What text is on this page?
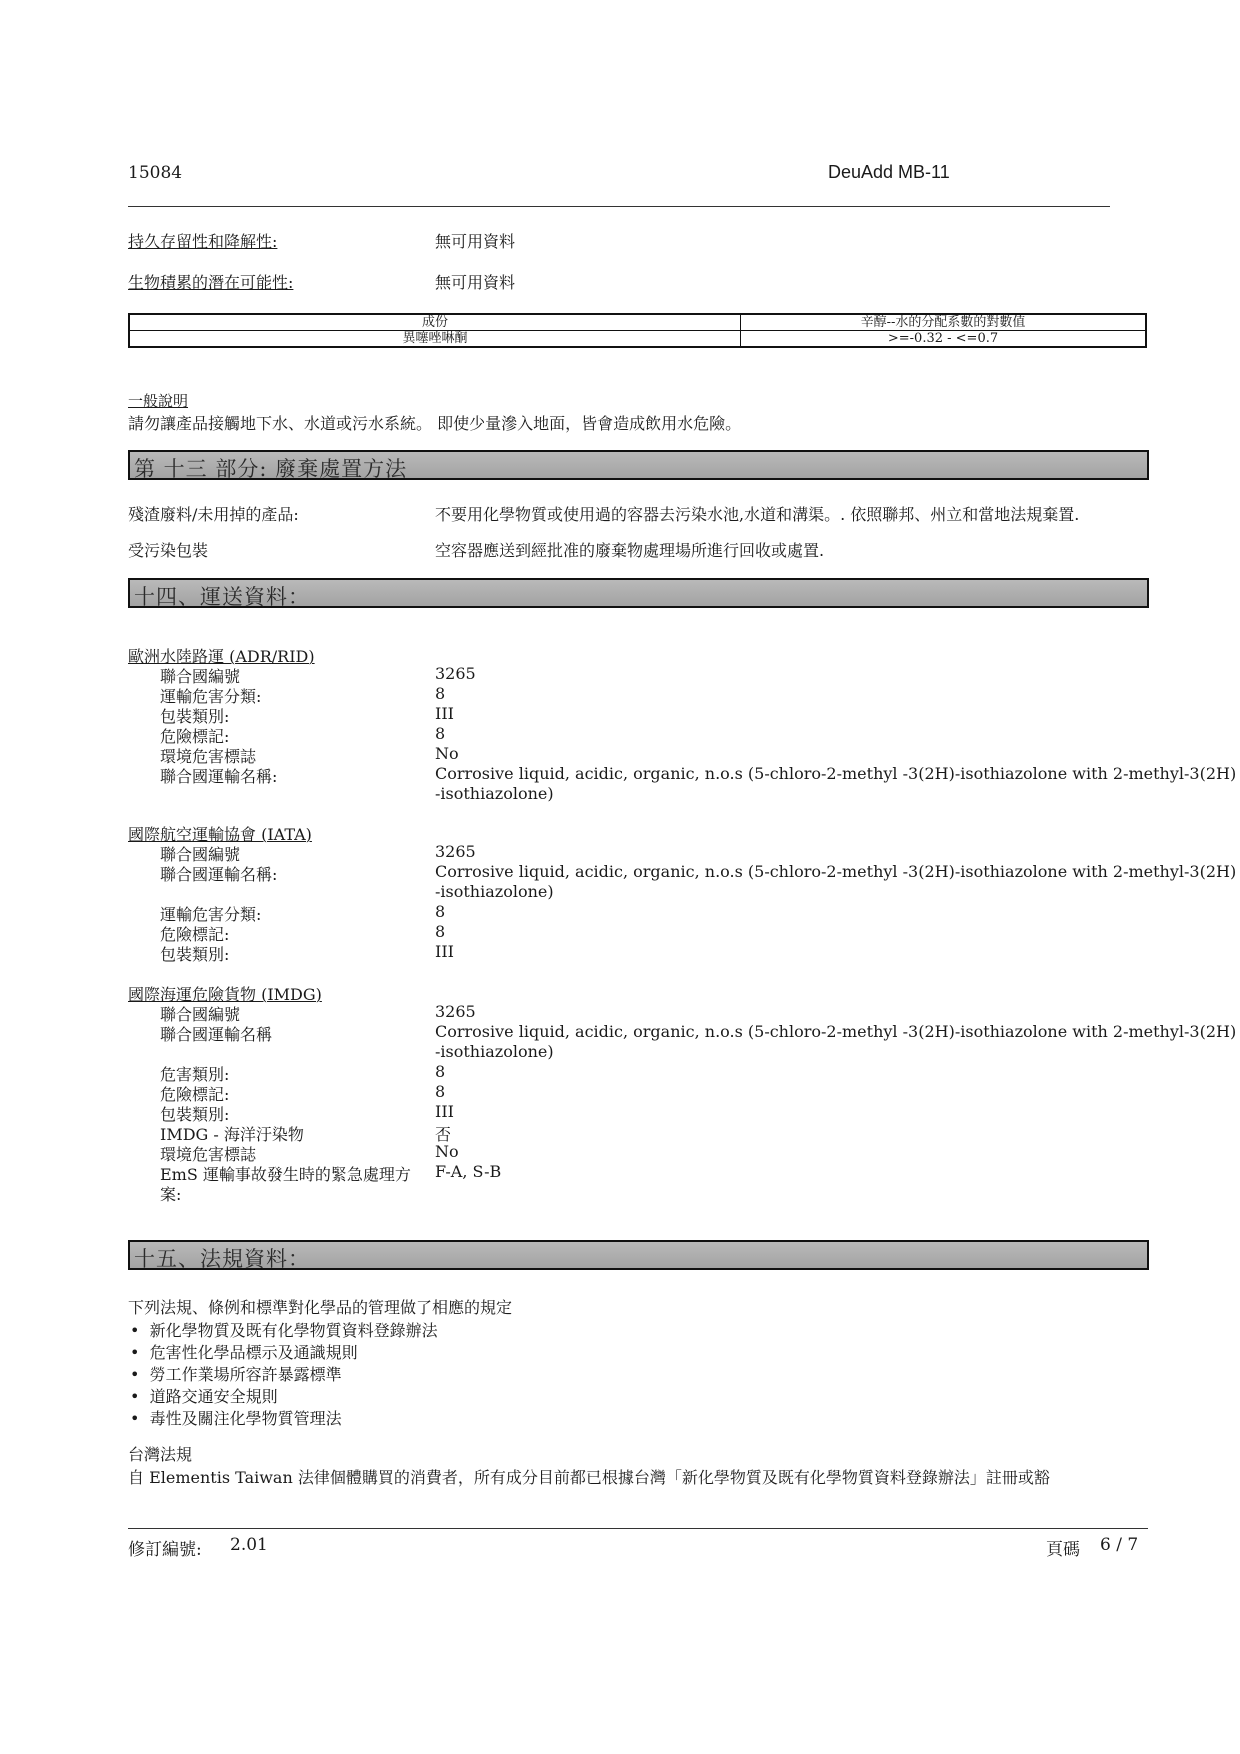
15084	DeuAdd MB-11
持久存留性和降解性:	無可用資料
生物積累的潛在可能性:	無可用資料
成份	辛醇--水的分配系數的對數值
異噻唑啉酮	>=-0.32 - <=0.7
一般說明
請勿讓產品接觸地下水、水道或污水系統。 即使少量滲入地面，皆會造成飲用水危險。
第 十三 部分: 廢棄處置方法
殘渣廢料/未用掉的產品:	不要用化學物質或使用過的容器去污染水池,水道和溝渠。. 依照聯邦、州立和當地法規棄置.
受污染包裝	空容器應送到經批准的廢棄物處理場所進行回收或處置.
十四、運送資料：
歐洲水陸路運 (ADR/RID)
聯合國編號	3265
運輸危害分類:	8
包裝類別:	III
危險標記:	8
環境危害標誌	No
聯合國運輸名稱:	Corrosive liquid, acidic, organic, n.o.s (5-chloro-2-methyl -3(2H)-isothiazolone with 2-methyl-3(2H)
-isothiazolone)
國際航空運輸協會 (IATA)
聯合國編號	3265
聯合國運輸名稱:	Corrosive liquid, acidic, organic, n.o.s (5-chloro-2-methyl -3(2H)-isothiazolone with 2-methyl-3(2H)
-isothiazolone)
運輸危害分類:	8
危險標記:	8
包裝類別:	III
國際海運危險貨物 (IMDG)
聯合國編號	3265
聯合國運輸名稱	Corrosive liquid, acidic, organic, n.o.s (5-chloro-2-methyl -3(2H)-isothiazolone with 2-methyl-3(2H)
-isothiazolone)
危害類別:	8
危險標記:	8
包裝類別:	III
IMDG - 海洋汙染物	否
環境危害標誌	No
EmS 運輸事故發生時的緊急處理方 F-A, S-B
案:
十五、法規資料：
下列法規、條例和標準對化學品的管理做了相應的規定
•  新化學物質及既有化學物質資料登錄辦法
•  危害性化學品標示及通識規則
•  勞工作業場所容許暴露標準
•  道路交通安全規則
•  毒性及關注化學物質管理法
台灣法規
自 Elementis Taiwan 法律個體購買的消費者，所有成分目前都已根據台灣「新化學物質及既有化學物質資料登錄辦法」註冊或豁
修訂編號: 2.01	頁碼 6 / 7
